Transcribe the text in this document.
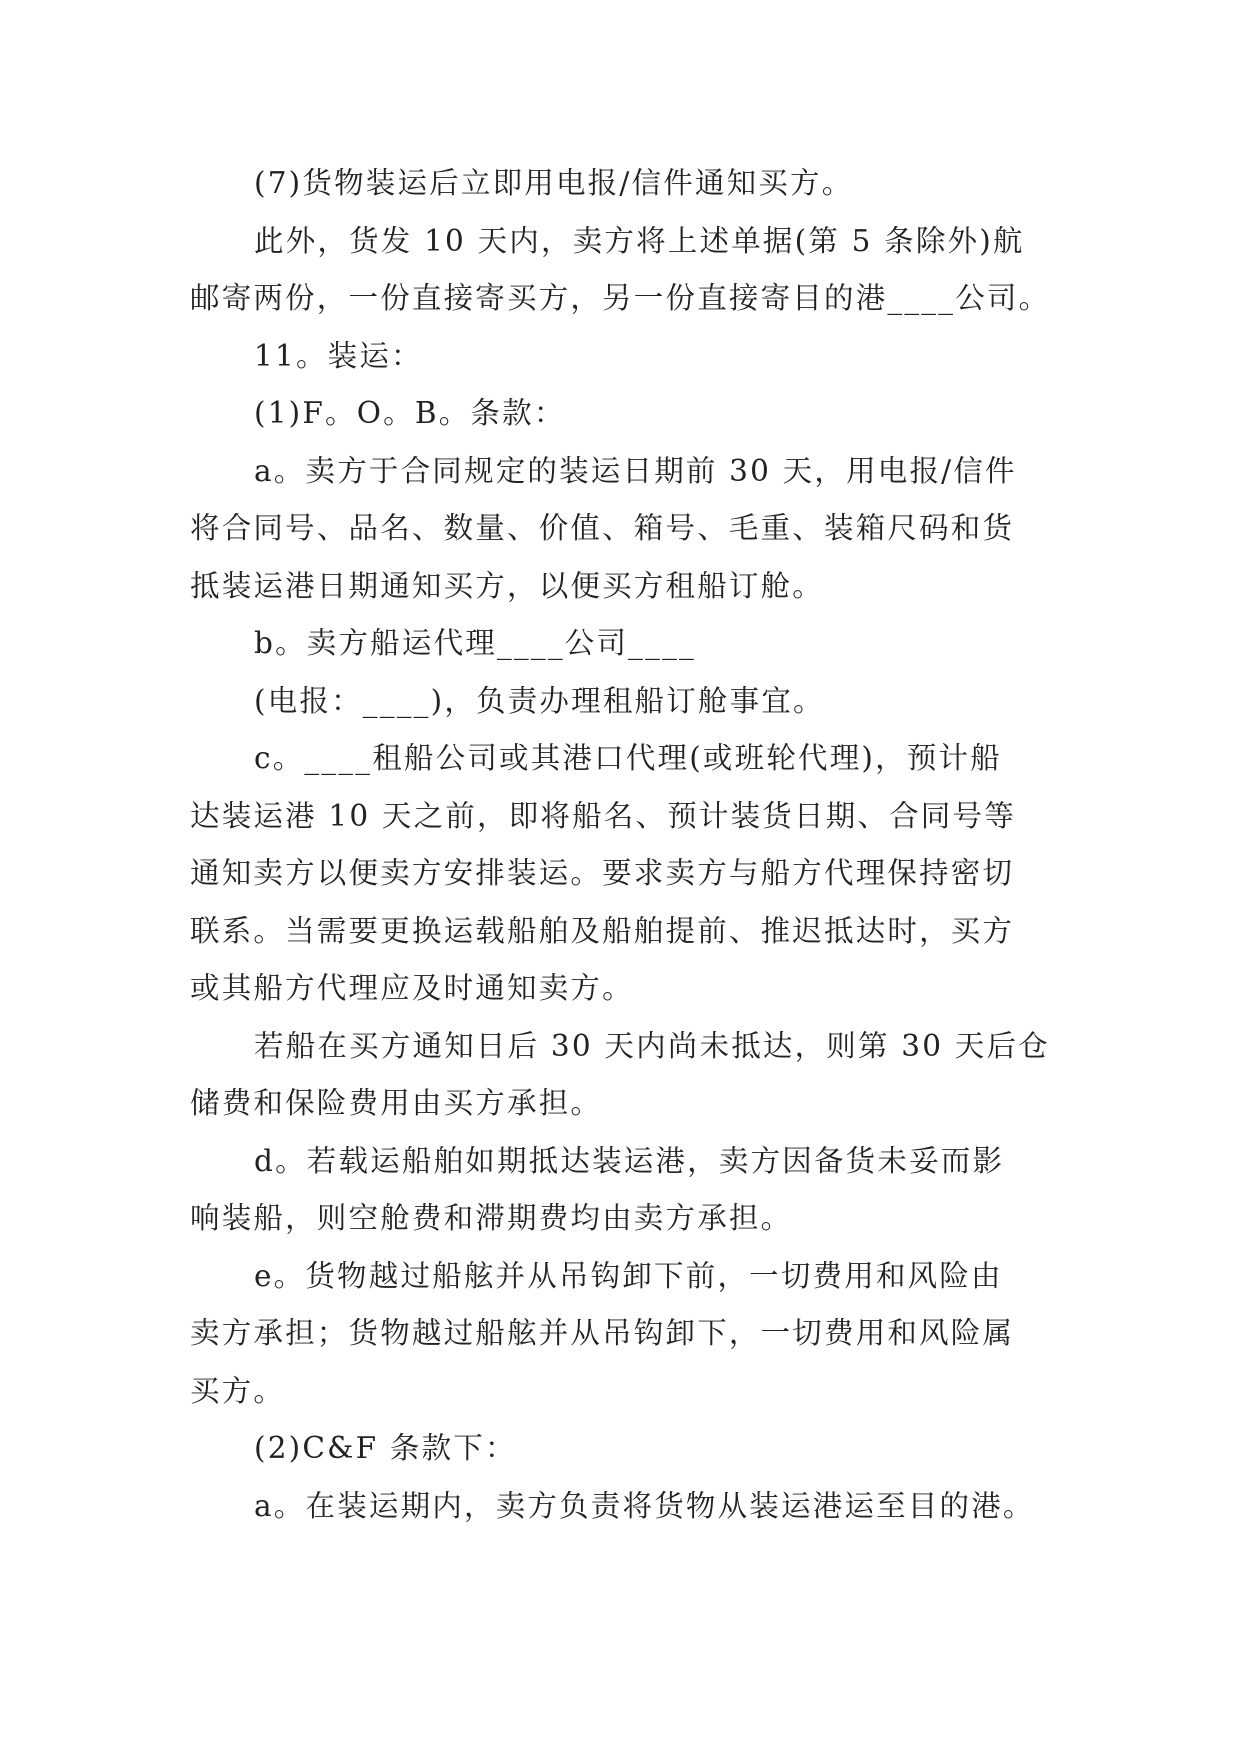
(7)货物装运后立即用电报/信件通知买方。
此外，货发 10 天内，卖方将上述单据(第 5 条除外)航
邮寄两份，一份直接寄买方，另一份直接寄目的港____公司。
11。装运：
(1)F。O。B。条款：
a。卖方于合同规定的装运日期前 30 天，用电报/信件
将合同号、品名、数量、价值、箱号、毛重、装箱尺码和货
抵装运港日期通知买方，以便买方租船订舱。
b。卖方船运代理____公司____
(电报：____)，负责办理租船订舱事宜。
c。____租船公司或其港口代理(或班轮代理)，预计船
达装运港 10 天之前，即将船名、预计装货日期、合同号等
通知卖方以便卖方安排装运。要求卖方与船方代理保持密切
联系。当需要更换运载船舶及船舶提前、推迟抵达时，买方
或其船方代理应及时通知卖方。
若船在买方通知日后 30 天内尚未抵达，则第 30 天后仓
储费和保险费用由买方承担。
d。若载运船舶如期抵达装运港，卖方因备货未妥而影
响装船，则空舱费和滞期费均由卖方承担。
e。货物越过船舷并从吊钩卸下前，一切费用和风险由
卖方承担；货物越过船舷并从吊钩卸下，一切费用和风险属
买方。
(2)C&F 条款下：
a。在装运期内，卖方负责将货物从装运港运至目的港。
